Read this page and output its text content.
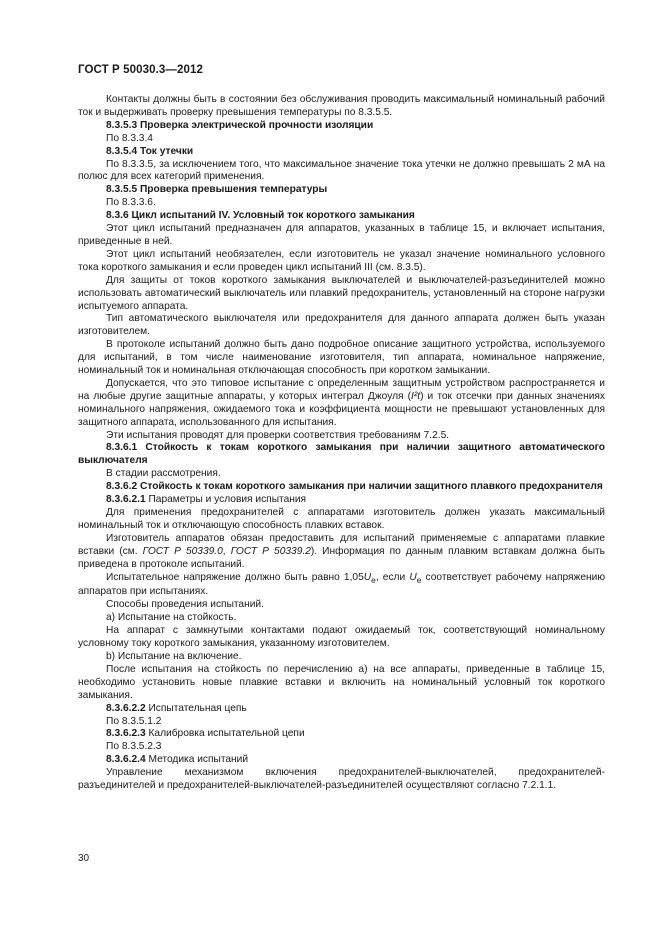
ГОСТ Р 50030.3—2012

Контакты должны быть в состоянии без обслуживания проводить максимальный номинальный рабочий ток и выдерживать проверку превышения температуры по 8.3.5.5.

8.3.5.3 Проверка электрической прочности изоляции

По 8.3.3.4

8.3.5.4 Ток утечки

По 8.3.3.5, за исключением того, что максимальное значение тока утечки не должно превышать 2 мА на полюс для всех категорий применения.

8.3.5.5 Проверка превышения температуры

По 8.3.3.6.

8.3.6 Цикл испытаний IV. Условный ток короткого замыкания

Этот цикл испытаний предназначен для аппаратов, указанных в таблице 15, и включает испытания, приведенные в ней.

Этот цикл испытаний необязателен, если изготовитель не указал значение номинального условного тока короткого замыкания и если проведен цикл испытаний III (см. 8.3.5).

Для защиты от токов короткого замыкания выключателей и выключателей-разъединителей можно использовать автоматический выключатель или плавкий предохранитель, установленный на стороне нагрузки испытуемого аппарата.

Тип автоматического выключателя или предохранителя для данного аппарата должен быть указан изготовителем.

В протоколе испытаний должно быть дано подробное описание защитного устройства, используемого для испытаний, в том числе наименование изготовителя, тип аппарата, номинальное напряжение, номинальный ток и номинальная отключающая способность при коротком замыкании.

Допускается, что это типовое испытание с определенным защитным устройством распространяется и на любые другие защитные аппараты, у которых интеграл Джоуля (I²t) и ток отсечки при данных значениях номинального напряжения, ожидаемого тока и коэффициента мощности не превышают установленных для защитного аппарата, использованного для испытания.

Эти испытания проводят для проверки соответствия требованиям 7.2.5.

8.3.6.1 Стойкость к токам короткого замыкания при наличии защитного автоматического выключателя

В стадии рассмотрения.

8.3.6.2 Стойкость к токам короткого замыкания при наличии защитного плавкого предохранителя

8.3.6.2.1 Параметры и условия испытания

Для применения предохранителей с аппаратами изготовитель должен указать максимальный номинальный ток и отключающую способность плавких вставок.

Изготовитель аппаратов обязан предоставить для испытаний применяемые с аппаратами плавкие вставки (см. ГОСТ Р 50339.0, ГОСТ Р 50339.2). Информация по данным плавким вставкам должна быть приведена в протоколе испытаний.

Испытательное напряжение должно быть равно $1,05U_e$, если $U_e$ соответствует рабочему напряжению аппаратов при испытаниях.

Способы проведения испытаний.

а) Испытание на стойкость.

На аппарат с замкнутыми контактами подают ожидаемый ток, соответствующий номинальному условному току короткого замыкания, указанному изготовителем.

b) Испытание на включение.

После испытания на стойкость по перечислению а) на все аппараты, приведенные в таблице 15, необходимо установить новые плавкие вставки и включить на номинальный условный ток короткого замыкания.

8.3.6.2.2 Испытательная цепь

По 8.3.5.1.2

8.3.6.2.3 Калибровка испытательной цепи

По 8.3.5.2.3

8.3.6.2.4 Методика испытаний

Управление механизмом включения предохранителей-выключателей, предохранителей-разъединителей и предохранителей-выключателей-разъединителей осуществляют согласно 7.2.1.1.

30
